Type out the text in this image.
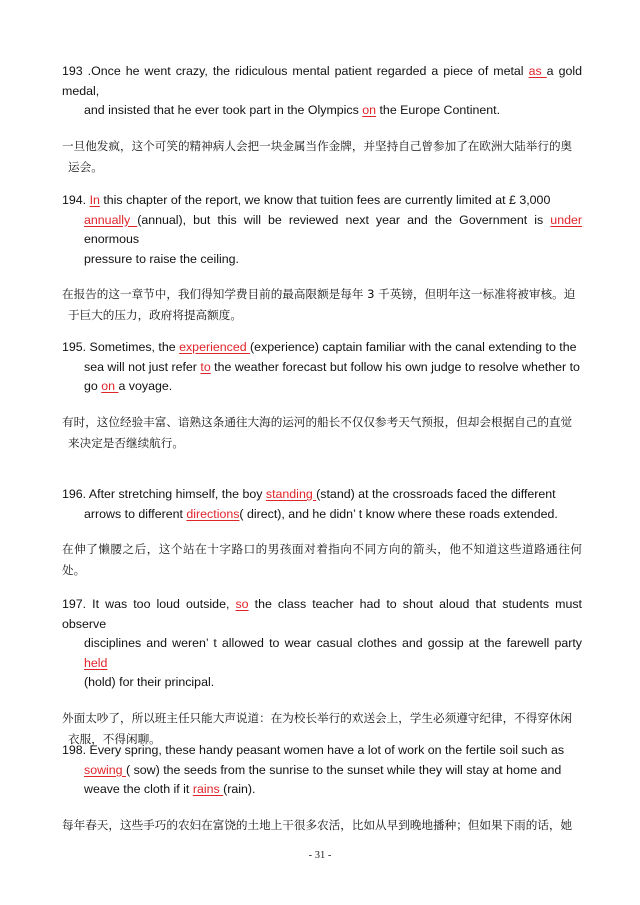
193 .Once he went crazy, the ridiculous mental patient regarded a piece of metal as a gold medal,
and insisted that he ever took part in the Olympics on the Europe Continent.
一旦他发疯，这个可笑的精神病人会把一块金属当作金牌，并坚持自己曾参加了在欧洲大陆举行的奥
运会。
194. In this chapter of the report, we know that tuition fees are currently limited at £ 3,000
annually (annual), but this will be reviewed next year and the Government is under enormous
pressure to raise the ceiling.
在报告的这一章节中，我们得知学费目前的最高限额是每年 3 千英镑，但明年这一标准将被审核。迫
于巨大的压力，政府将提高额度。
195. Sometimes, the experienced (experience) captain familiar with the canal extending to the
sea will not just refer to the weather forecast but follow his own judge to resolve whether to
go on a voyage.
有时，这位经验丰富、谙熟这条通往大海的运河的船长不仅仅参考天气预报，但却会根据自己的直觉
来决定是否继续航行。
196. After stretching himself, the boy standing (stand) at the crossroads faced the different
arrows to different directions( direct), and he didn’ t know where these roads extended.
在伸了懒腰之后，这个站在十字路口的男孩面对着指向不同方向的箭头，他不知道这些道路通往何处。
197. It was too loud outside, so the class teacher had to shout aloud that students must observe
disciplines and weren’ t allowed to wear casual clothes and gossip at the farewell party held
(hold) for their principal.
外面太吵了，所以班主任只能大声说道：在为校长举行的欢送会上，学生必须遵守纪律，不得穿休闲
衣服，不得闲聊。
198. Every spring, these handy peasant women have a lot of work on the fertile soil such as
sowing ( sow) the seeds from the sunrise to the sunset while they will stay at home and
weave the cloth if it rains (rain).
每年春天，这些手巧的农妇在富饶的土地上干很多农活，比如从早到晚地播种；但如果下雨的话，她
- 31 -
